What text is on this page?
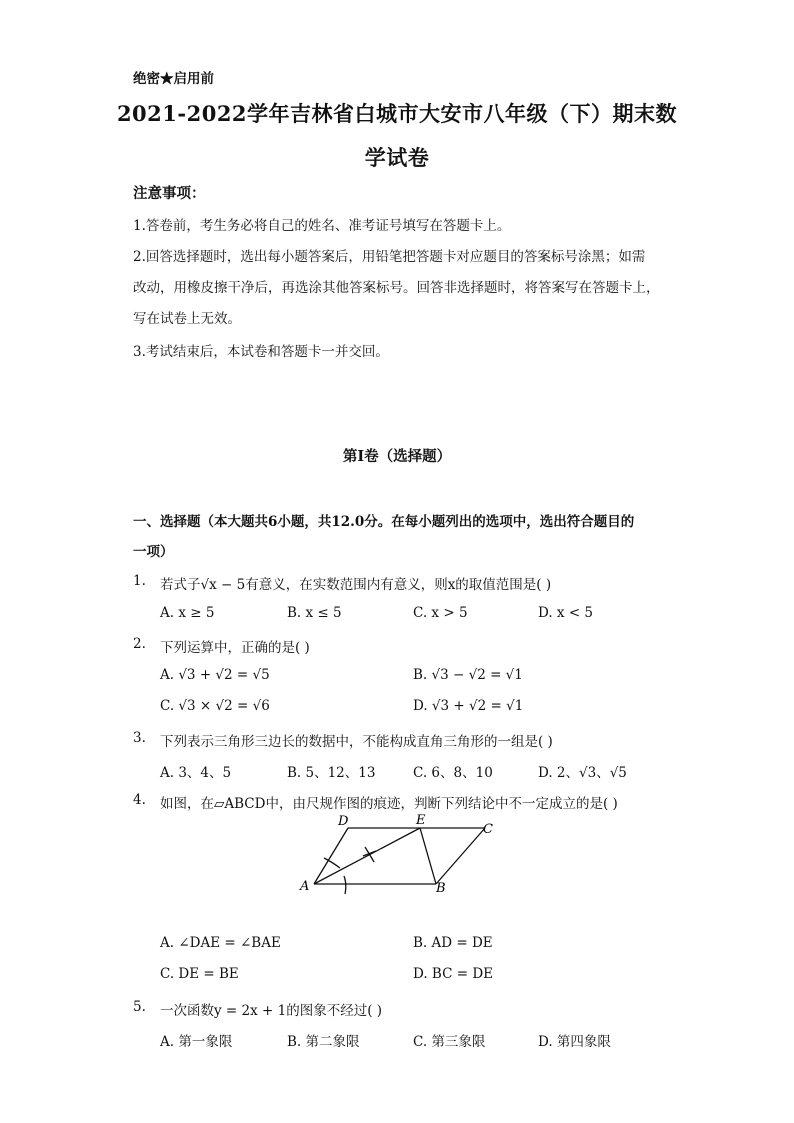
绝密★启用前
2021-2022学年吉林省白城市大安市八年级（下）期末数
学试卷
注意事项：
1.答卷前，考生务必将自己的姓名、准考证号填写在答题卡上。
2.回答选择题时，选出每小题答案后，用铅笔把答题卡对应题目的答案标号涂黑；如需
改动，用橡皮擦干净后，再选涂其他答案标号。回答非选择题时，将答案写在答题卡上，
写在试卷上无效。
3.考试结束后，本试卷和答题卡一并交回。
第I卷（选择题）
一、选择题（本大题共6小题，共12.0分。在每小题列出的选项中，选出符合题目的
一项）
1. 若式子√x − 5有意义，在实数范围内有意义，则x的取值范围是( )
A. x ≥ 5	B. x ≤ 5	C. x > 5	D. x < 5
2. 下列运算中，正确的是( )
A. √3 + √2 = √5	B. √3 − √2 = √1
C. √3 × √2 = √6	D. √3 + √2 = √1
3. 下列表示三角形三边长的数据中，不能构成直角三角形的一组是( )
A. 3、4、5	B. 5、12、13	C. 6、8、10	D. 2、√3、√5
4. 如图，在▱ABCD中，由尺规作图的痕迹，判断下列结论中不一定成立的是( )
D	E
C
A	B
A. ∠DAE = ∠BAE	B. AD = DE
C. DE = BE	D. BC = DE
5. 一次函数y = 2x + 1的图象不经过( )
A. 第一象限	B. 第二象限	C. 第三象限	D. 第四象限
